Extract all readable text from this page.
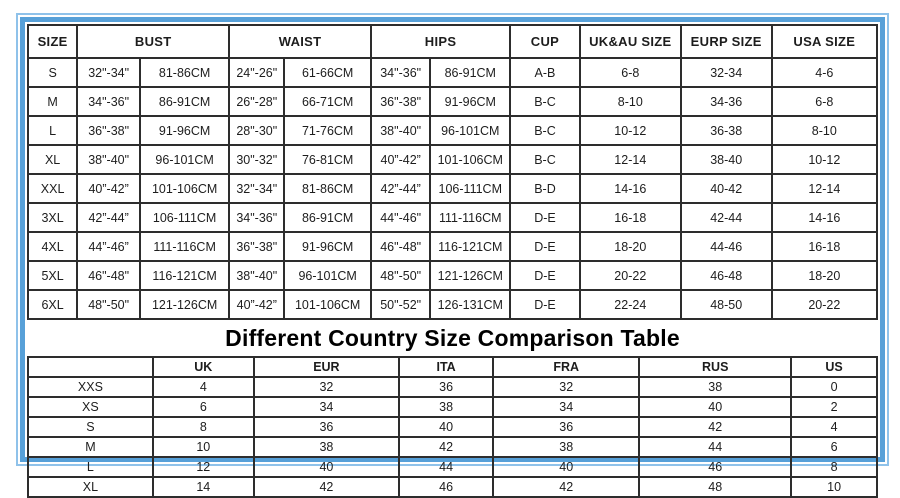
SIZE	BUST		WAIST		HIPS		CUP	UK&AU SIZE	EURP SIZE	USA SIZE
S	32"-34"	81-86CM	24"-26"	61-66CM	34"-36"	86-91CM	A-B	6-8	32-34	4-6
M	34"-36"	86-91CM	26"-28"	66-71CM	36"-38"	91-96CM	B-C	8-10	34-36	6-8
L	36"-38"	91-96CM	28"-30"	71-76CM	38"-40"	96-101CM	B-C	10-12	36-38	8-10
XL	38"-40"	96-101CM	30"-32"	76-81CM	40”-42”	101-106CM	B-C	12-14	38-40	10-12
XXL	40”-42”	101-106CM	32"-34"	81-86CM	42”-44”	106-111CM	B-D	14-16	40-42	12-14
3XL	42”-44”	106-111CM	34"-36"	86-91CM	44"-46"	111-116CM	D-E	16-18	42-44	14-16
4XL	44”-46”	111-116CM	36"-38"	91-96CM	46"-48"	116-121CM	D-E	18-20	44-46	16-18
5XL	46"-48"	116-121CM	38"-40"	96-101CM	48"-50"	121-126CM	D-E	20-22	46-48	18-20
6XL	48"-50"	121-126CM	40”-42”	101-106CM	50"-52"	126-131CM	D-E	22-24	48-50	20-22
Different Country Size Comparison Table
	UK	EUR	ITA	FRA	RUS	US
XXS	4	32	36	32	38	0
XS	6	34	38	34	40	2
S	8	36	40	36	42	4
M	10	38	42	38	44	6
L	12	40	44	40	46	8
XL	14	42	46	42	48	10
